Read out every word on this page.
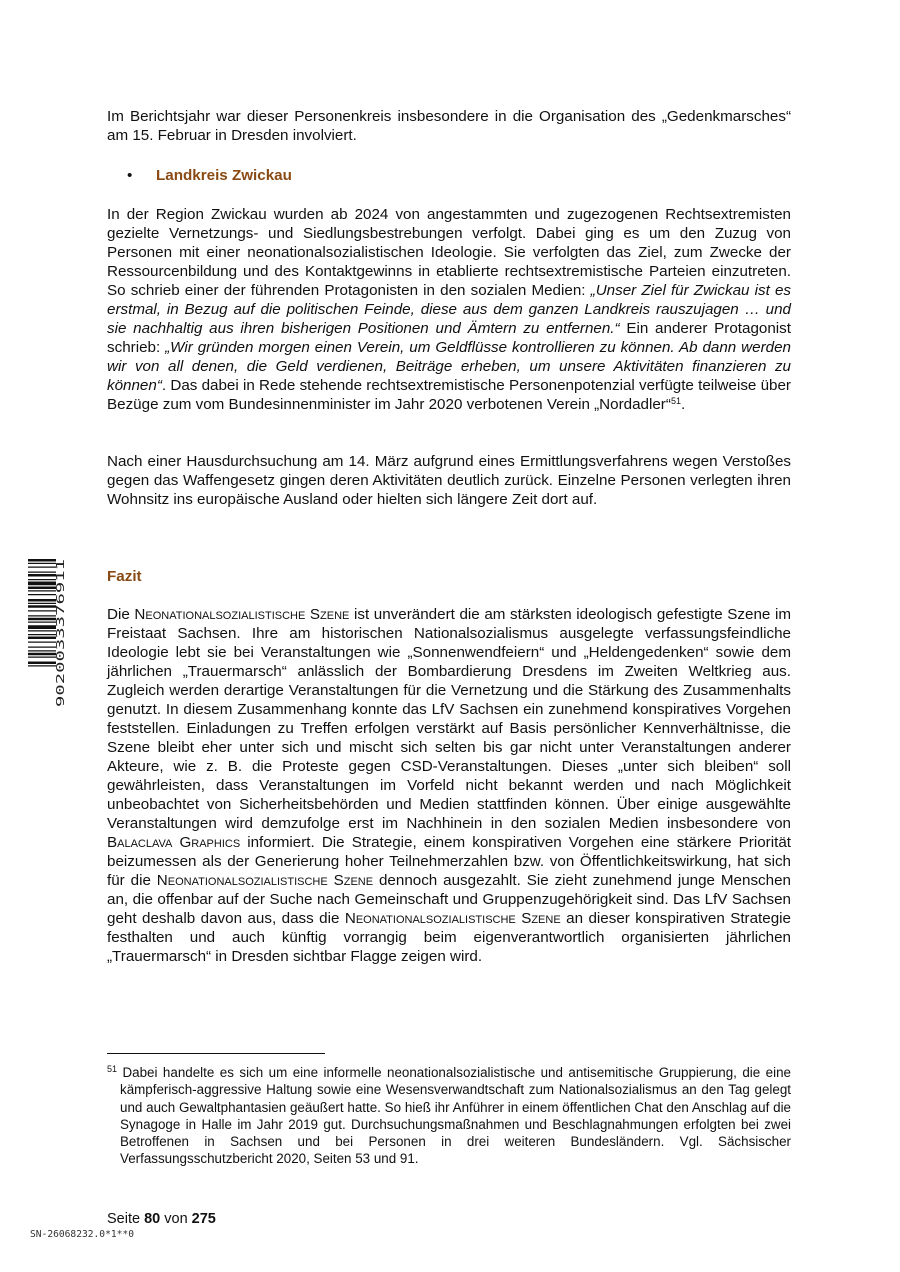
Im Berichtsjahr war dieser Personenkreis insbesondere in die Organisation des „Gedenkmarsches“ am 15. Februar in Dresden involviert.

• Landkreis Zwickau

In der Region Zwickau wurden ab 2024 von angestammten und zugezogenen Rechtsextremisten gezielte Vernetzungs- und Siedlungsbestrebungen verfolgt. Dabei ging es um den Zuzug von Personen mit einer neonationalsozialistischen Ideologie. Sie verfolgten das Ziel, zum Zwecke der Ressourcenbildung und des Kontaktgewinns in etablierte rechtsextremistische Parteien einzutreten. So schrieb einer der führenden Protagonisten in den sozialen Medien: „Unser Ziel für Zwickau ist es erstmal, in Bezug auf die politischen Feinde, diese aus dem ganzen Landkreis rauszujagen … und sie nachhaltig aus ihren bisherigen Positionen und Ämtern zu entfernen.“ Ein anderer Protagonist schrieb: „Wir gründen morgen einen Verein, um Geldflüsse kontrollieren zu können. Ab dann werden wir von all denen, die Geld verdienen, Beiträge erheben, um unsere Aktivitäten finanzieren zu können“. Das dabei in Rede stehende rechtsextremistische Personenpotenzial verfügte teilweise über Bezüge zum vom Bundesinnenminister im Jahr 2020 verbotenen Verein „Nordadler“$^{51}$.

Nach einer Hausdurchsuchung am 14. März aufgrund eines Ermittlungsverfahrens wegen Verstoßes gegen das Waffengesetz gingen deren Aktivitäten deutlich zurück. Einzelne Personen verlegten ihren Wohnsitz ins europäische Ausland oder hielten sich längere Zeit dort auf.

Fazit

Die Neonationalsozialistische Szene ist unverändert die am stärksten ideologisch gefestigte Szene im Freistaat Sachsen. Ihre am historischen Nationalsozialismus ausgelegte verfassungsfeindliche Ideologie lebt sie bei Veranstaltungen wie „Sonnenwendfeiern“ und „Heldengedenken“ sowie dem jährlichen „Trauermarsch“ anlässlich der Bombardierung Dresdens im Zweiten Weltkrieg aus. Zugleich werden derartige Veranstaltungen für die Vernetzung und die Stärkung des Zusammenhalts genutzt. In diesem Zusammenhang konnte das LfV Sachsen ein zunehmend konspiratives Vorgehen feststellen. Einladungen zu Treffen erfolgen verstärkt auf Basis persönlicher Kennverhältnisse, die Szene bleibt eher unter sich und mischt sich selten bis gar nicht unter Veranstaltungen anderer Akteure, wie z. B. die Proteste gegen CSD-Veranstaltungen. Dieses „unter sich bleiben“ soll gewährleisten, dass Veranstaltungen im Vorfeld nicht bekannt werden und nach Möglichkeit unbeobachtet von Sicherheitsbehörden und Medien stattfinden können. Über einige ausgewählte Veranstaltungen wird demzufolge erst im Nachhinein in den sozialen Medien insbesondere von Balaclava Graphics informiert. Die Strategie, einem konspirativen Vorgehen eine stärkere Priorität beizumessen als der Generierung hoher Teilnehmerzahlen bzw. von Öffentlichkeitswirkung, hat sich für die Neonationalsozialistische Szene dennoch ausgezahlt. Sie zieht zunehmend junge Menschen an, die offenbar auf der Suche nach Gemeinschaft und Gruppenzugehörigkeit sind. Das LfV Sachsen geht deshalb davon aus, dass die Neonationalsozialistische Szene an dieser konspirativen Strategie festhalten und auch künftig vorrangig beim eigenverantwortlich organisierten jährlichen „Trauermarsch“ in Dresden sichtbar Flagge zeigen wird.

$^{51}$ Dabei handelte es sich um eine informelle neonationalsozialistische und antisemitische Gruppierung, die eine kämpferisch-aggressive Haltung sowie eine Wesensverwandtschaft zum Nationalsozialismus an den Tag gelegt und auch Gewaltphantasien geäußert hatte. So hieß ihr Anführer in einem öffentlichen Chat den Anschlag auf die Synagoge in Halle im Jahr 2019 gut. Durchsuchungsmaßnahmen und Beschlagnahmungen erfolgten bei zwei Betroffenen in Sachsen und bei Personen in drei weiteren Bundesländern. Vgl. Sächsischer Verfassungsschutzbericht 2020, Seiten 53 und 91.

Seite 80 von 275
SN-26068232.0*1**0
9020033376911
